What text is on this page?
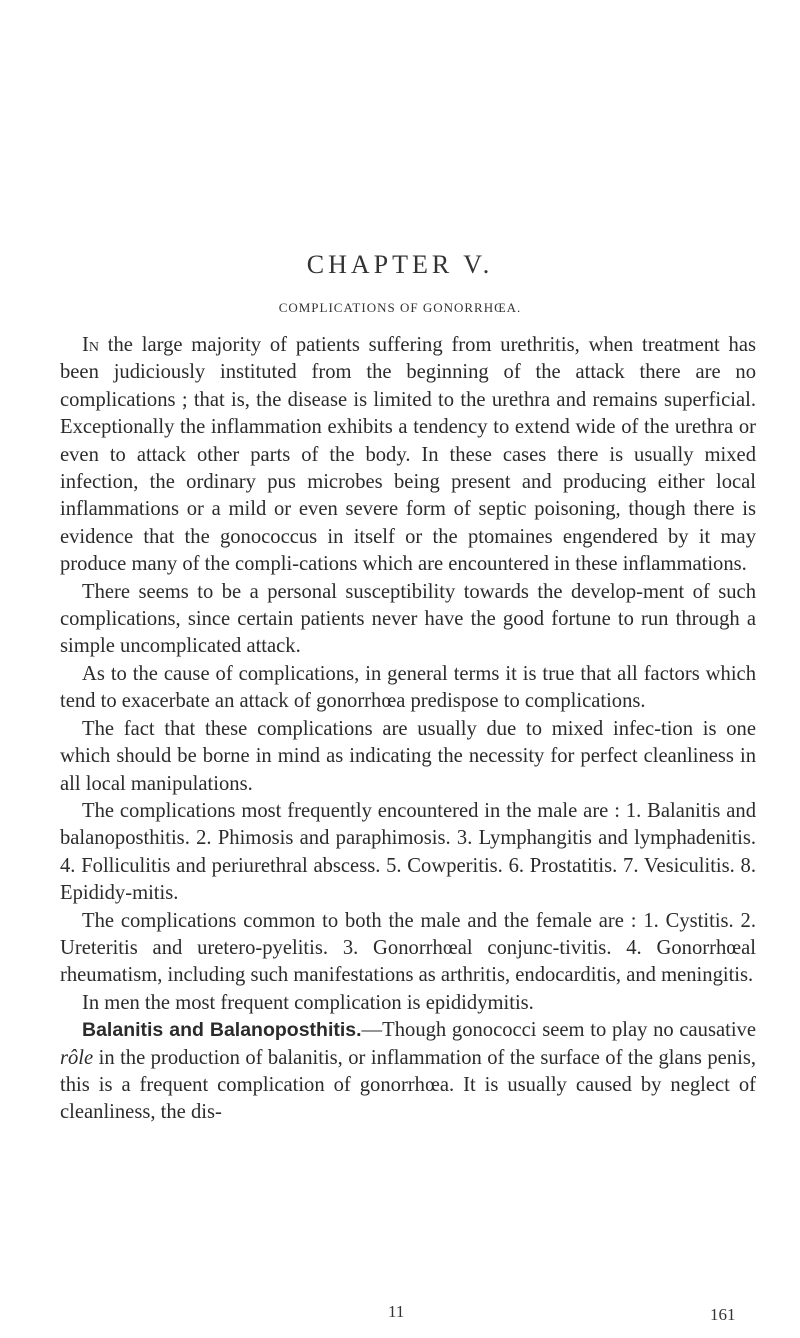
CHAPTER V.
COMPLICATIONS OF GONORRHŒA.

In the large majority of patients suffering from urethritis, when treatment has been judiciously instituted from the beginning of the attack there are no complications ; that is, the disease is limited to the urethra and remains superficial. Exceptionally the inflammation exhibits a tendency to extend wide of the urethra or even to attack other parts of the body. In these cases there is usually mixed infection, the ordinary pus microbes being present and producing either local inflammations or a mild or even severe form of septic poisoning, though there is evidence that the gonococcus in itself or the ptomaines engendered by it may produce many of the compli-cations which are encountered in these inflammations.

There seems to be a personal susceptibility towards the develop-ment of such complications, since certain patients never have the good fortune to run through a simple uncomplicated attack.

As to the cause of complications, in general terms it is true that all factors which tend to exacerbate an attack of gonorrhœa predispose to complications.

The fact that these complications are usually due to mixed infec-tion is one which should be borne in mind as indicating the necessity for perfect cleanliness in all local manipulations.

The complications most frequently encountered in the male are : 1. Balanitis and balanoposthitis. 2. Phimosis and paraphimosis. 3. Lymphangitis and lymphadenitis. 4. Folliculitis and periurethral abscess. 5. Cowperitis. 6. Prostatitis. 7. Vesiculitis. 8. Epididy-mitis.

The complications common to both the male and the female are : 1. Cystitis. 2. Ureteritis and uretero-pyelitis. 3. Gonorrhœal conjunc-tivitis. 4. Gonorrhœal rheumatism, including such manifestations as arthritis, endocarditis, and meningitis.

In men the most frequent complication is epididymitis.

Balanitis and Balanoposthitis.—Though gonococci seem to play no causative rôle in the production of balanitis, or inflammation of the surface of the glans penis, this is a frequent complication of gonorrhœa. It is usually caused by neglect of cleanliness, the dis-

11	161
